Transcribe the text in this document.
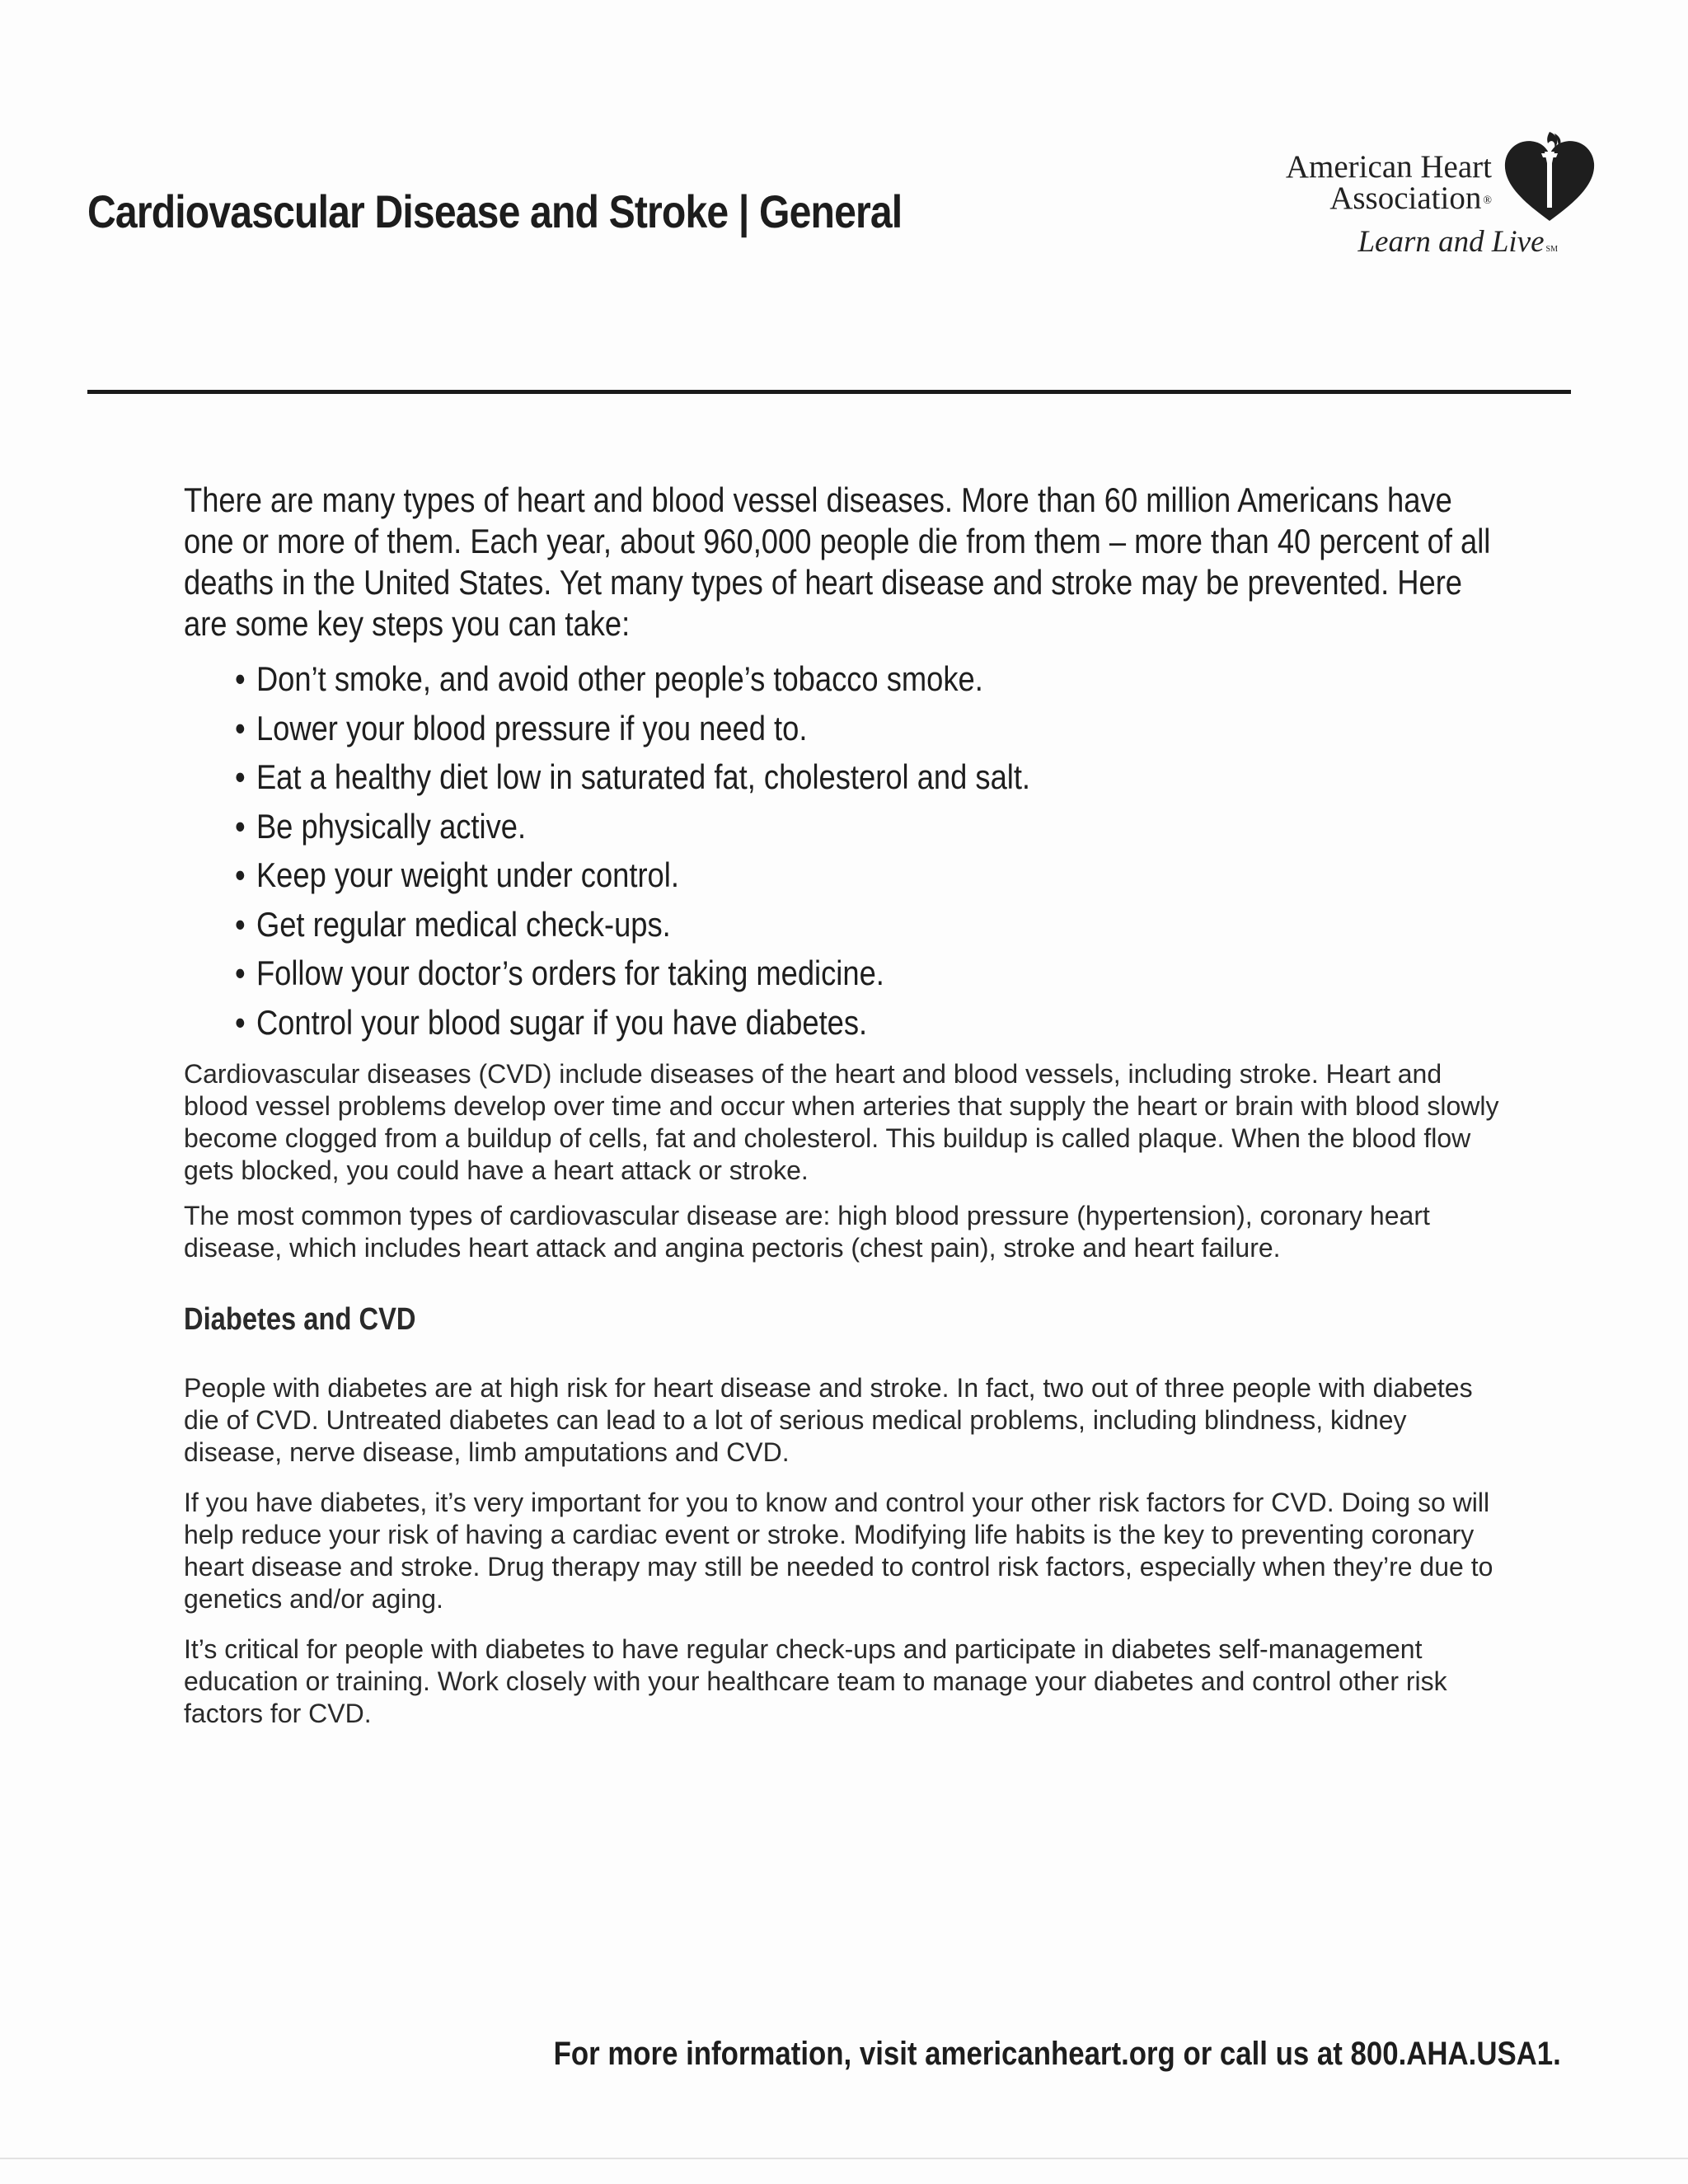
Cardiovascular Disease and Stroke | General
American Heart
Association ®
Learn and Live SM

There are many types of heart and blood vessel diseases. More than 60 million Americans have one or more of them. Each year, about 960,000 people die from them – more than 40 percent of all deaths in the United States. Yet many types of heart disease and stroke may be prevented. Here are some key steps you can take:

• Don’t smoke, and avoid other people’s tobacco smoke.
• Lower your blood pressure if you need to.
• Eat a healthy diet low in saturated fat, cholesterol and salt.
• Be physically active.
• Keep your weight under control.
• Get regular medical check-ups.
• Follow your doctor’s orders for taking medicine.
• Control your blood sugar if you have diabetes.

Cardiovascular diseases (CVD) include diseases of the heart and blood vessels, including stroke. Heart and blood vessel problems develop over time and occur when arteries that supply the heart or brain with blood slowly become clogged from a buildup of cells, fat and cholesterol. This buildup is called plaque. When the blood flow gets blocked, you could have a heart attack or stroke.

The most common types of cardiovascular disease are: high blood pressure (hypertension), coronary heart disease, which includes heart attack and angina pectoris (chest pain), stroke and heart failure.

Diabetes and CVD

People with diabetes are at high risk for heart disease and stroke. In fact, two out of three people with diabetes die of CVD. Untreated diabetes can lead to a lot of serious medical problems, including blindness, kidney disease, nerve disease, limb amputations and CVD.

If you have diabetes, it’s very important for you to know and control your other risk factors for CVD. Doing so will help reduce your risk of having a cardiac event or stroke. Modifying life habits is the key to preventing coronary heart disease and stroke. Drug therapy may still be needed to control risk factors, especially when they’re due to genetics and/or aging.

It’s critical for people with diabetes to have regular check-ups and participate in diabetes self-management education or training. Work closely with your healthcare team to manage your diabetes and control other risk factors for CVD.

For more information, visit americanheart.org or call us at 800.AHA.USA1.
